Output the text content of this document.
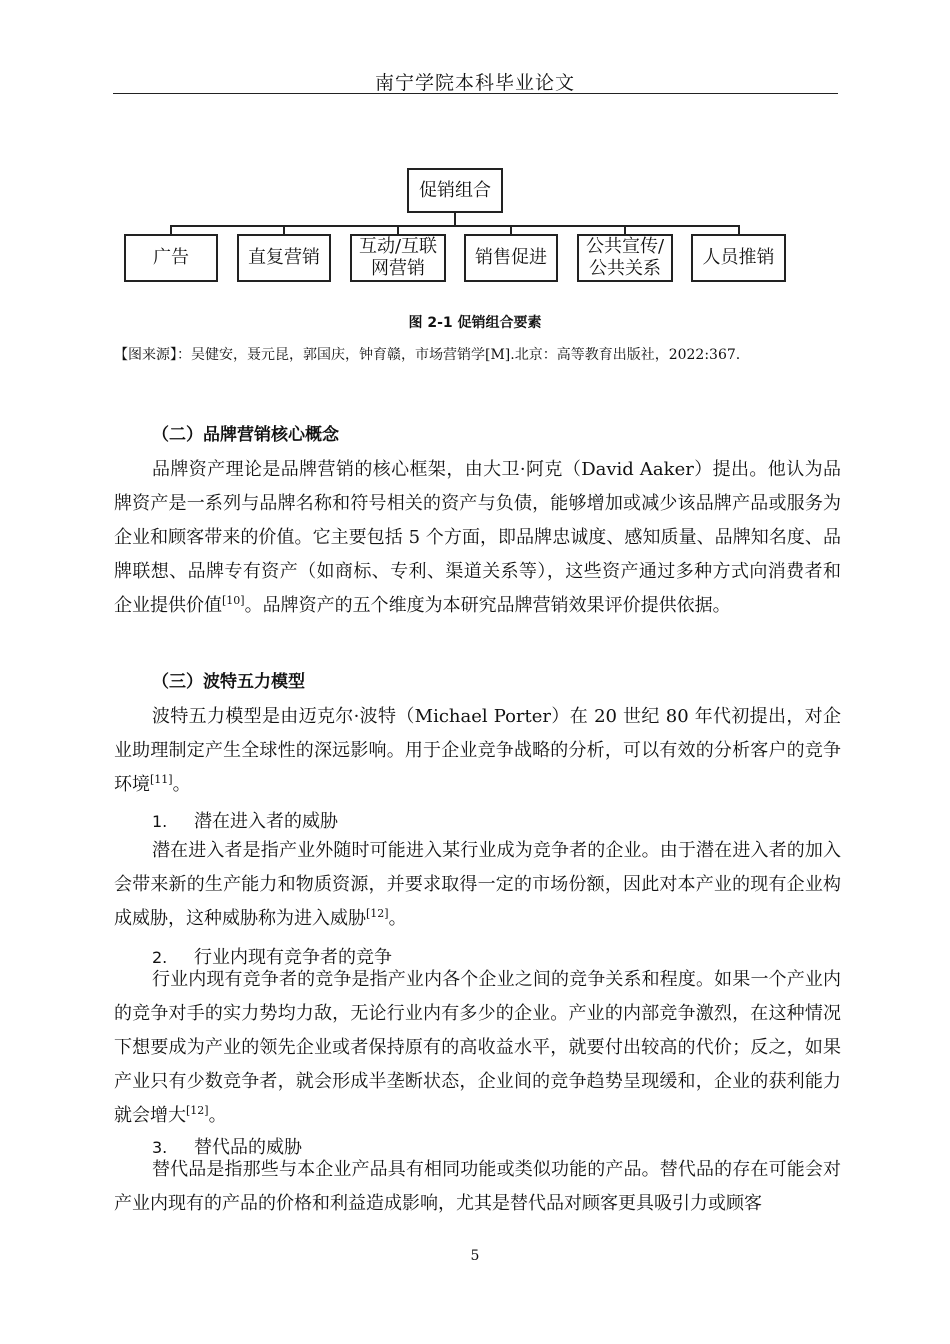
南宁学院本科毕业论文
促销组合
广告	直复营销
互动/互联
网营销
销售促进
公共宣传/
公共关系
人员推销
图 2-1 促销组合要素
【图来源】：吴健安，聂元昆，郭国庆，钟育赣，市场营销学[M].北京：高等教育出版社，2022:367.
（二）品牌营销核心概念

品牌资产理论是品牌营销的核心框架，由大卫·阿克（David Aaker）提出。他认为品牌资产是一系列与品牌名称和符号相关的资产与负债，能够增加或减少该品牌产品或服务为企业和顾客带来的价值。它主要包括 5 个方面，即品牌忠诚度、感知质量、品牌知名度、品牌联想、品牌专有资产（如商标、专利、渠道关系等），这些资产通过多种方式向消费者和企业提供价值[10]。品牌资产的五个维度为本研究品牌营销效果评价提供依据。

（三）波特五力模型

波特五力模型是由迈克尔·波特（Michael Porter）在 20 世纪 80 年代初提出，对企业助理制定产生全球性的深远影响。用于企业竞争战略的分析，可以有效的分析客户的竞争环境[11]。

1. 潜在进入者的威胁

潜在进入者是指产业外随时可能进入某行业成为竞争者的企业。由于潜在进入者的加入会带来新的生产能力和物质资源，并要求取得一定的市场份额，因此对本产业的现有企业构成威胁，这种威胁称为进入威胁[12]。

2. 行业内现有竞争者的竞争

行业内现有竞争者的竞争是指产业内各个企业之间的竞争关系和程度。如果一个产业内的竞争对手的实力势均力敌，无论行业内有多少的企业。产业的内部竞争激烈，在这种情况下想要成为产业的领先企业或者保持原有的高收益水平，就要付出较高的代价；反之，如果产业只有少数竞争者，就会形成半垄断状态，企业间的竞争趋势呈现缓和，企业的获利能力就会增大[12]。

3. 替代品的威胁

替代品是指那些与本企业产品具有相同功能或类似功能的产品。替代品的存在可能会对产业内现有的产品的价格和利益造成影响，尤其是替代品对顾客更具吸引力或顾客

5
